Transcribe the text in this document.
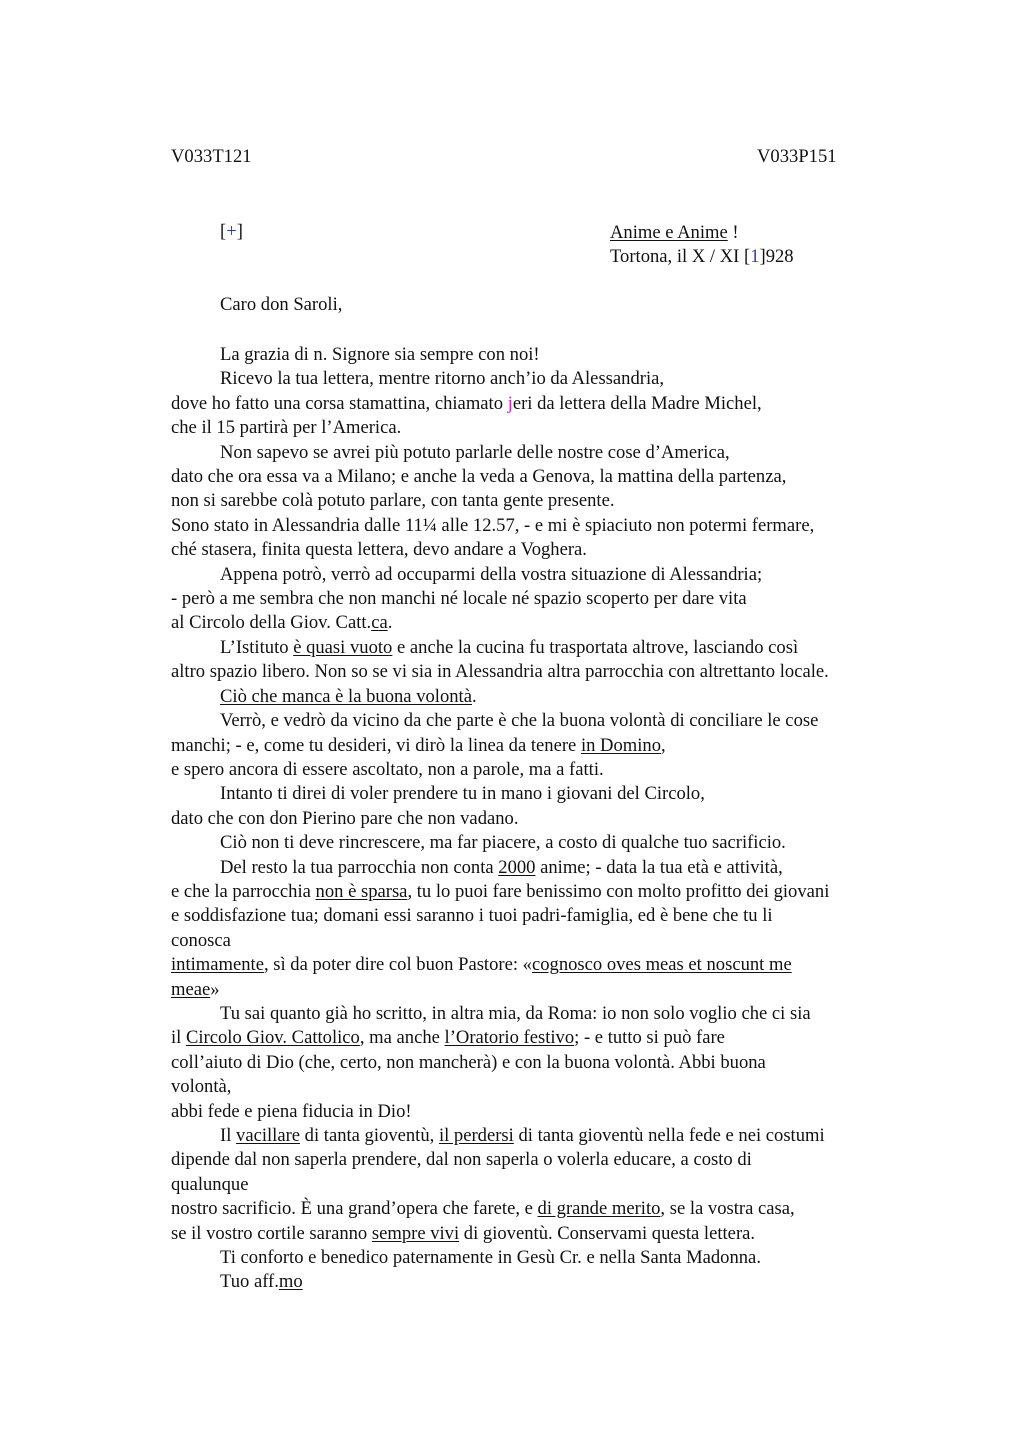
V033T121	V033P151
[+]	Anime e Anime !
Tortona, il X / XI [1]928
Caro don Saroli,
La grazia di n. Signore sia sempre con noi!
Ricevo la tua lettera, mentre ritorno anch’io da Alessandria,
dove ho fatto una corsa stamattina, chiamato jeri da lettera della Madre Michel,
che il 15 partirà per l’America.
Non sapevo se avrei più potuto parlarle delle nostre cose d’America,
dato che ora essa va a Milano; e anche la veda a Genova, la mattina della partenza,
non si sarebbe colà potuto parlare, con tanta gente presente.
Sono stato in Alessandria dalle 11¼ alle 12.57, - e mi è spiaciuto non potermi fermare,
ché stasera, finita questa lettera, devo andare a Voghera.
Appena potrò, verrò ad occuparmi della vostra situazione di Alessandria;
- però a me sembra che non manchi né locale né spazio scoperto per dare vita
al Circolo della Giov. Catt.ca.
L’Istituto è quasi vuoto e anche la cucina fu trasportata altrove, lasciando così
altro spazio libero. Non so se vi sia in Alessandria altra parrocchia con altrettanto locale.
Ciò che manca è la buona volontà.
Verrò, e vedrò da vicino da che parte è che la buona volontà di conciliare le cose
manchi; - e, come tu desideri, vi dirò la linea da tenere in Domino,
e spero ancora di essere ascoltato, non a parole, ma a fatti.
Intanto ti direi di voler prendere tu in mano i giovani del Circolo,
dato che con don Pierino pare che non vadano.
Ciò non ti deve rincrescere, ma far piacere, a costo di qualche tuo sacrificio.
Del resto la tua parrocchia non conta 2000 anime; - data la tua età e attività,
e che la parrocchia non è sparsa, tu lo puoi fare benissimo con molto profitto dei giovani
e soddisfazione tua; domani essi saranno i tuoi padri-famiglia, ed è bene che tu li
conosca
intimamente, sì da poter dire col buon Pastore: «cognosco oves meas et noscunt me
meae»
Tu sai quanto già ho scritto, in altra mia, da Roma: io non solo voglio che ci sia
il Circolo Giov. Cattolico, ma anche l’Oratorio festivo; - e tutto si può fare
coll’aiuto di Dio (che, certo, non mancherà) e con la buona volontà. Abbi buona
volontà,
abbi fede e piena fiducia in Dio!
Il vacillare di tanta gioventù, il perdersi di tanta gioventù nella fede e nei costumi
dipende dal non saperla prendere, dal non saperla o volerla educare, a costo di
qualunque
nostro sacrificio. È una grand’opera che farete, e di grande merito, se la vostra casa,
se il vostro cortile saranno sempre vivi di gioventù. Conservami questa lettera.
Ti conforto e benedico paternamente in Gesù Cr. e nella Santa Madonna.
Tuo aff.mo
